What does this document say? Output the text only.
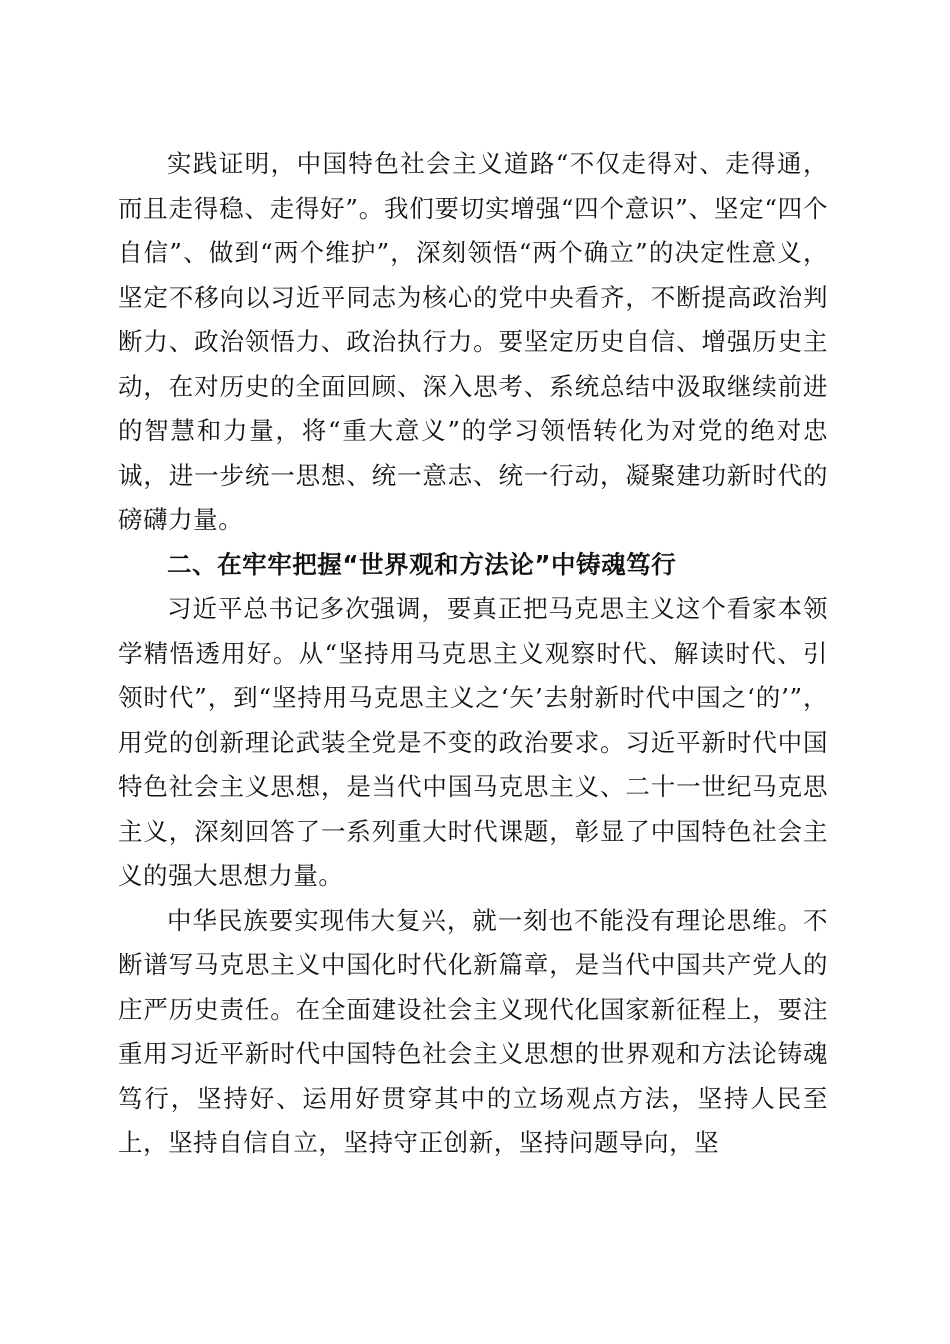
实践证明，中国特色社会主义道路“不仅走得对、走得通，而且走得稳、走得好”。我们要切实增强“四个意识”、坚定“四个自信”、做到“两个维护”，深刻领悟“两个确立”的决定性意义，坚定不移向以习近平同志为核心的党中央看齐，不断提高政治判断力、政治领悟力、政治执行力。要坚定历史自信、增强历史主动，在对历史的全面回顾、深入思考、系统总结中汲取继续前进的智慧和力量，将“重大意义”的学习领悟转化为对党的绝对忠诚，进一步统一思想、统一意志、统一行动，凝聚建功新时代的磅礴力量。

二、在牢牢把握“世界观和方法论”中铸魂笃行

习近平总书记多次强调，要真正把马克思主义这个看家本领学精悟透用好。从“坚持用马克思主义观察时代、解读时代、引领时代”，到“坚持用马克思主义之‘矢’去射新时代中国之‘的’”，用党的创新理论武装全党是不变的政治要求。习近平新时代中国特色社会主义思想，是当代中国马克思主义、二十一世纪马克思主义，深刻回答了一系列重大时代课题，彰显了中国特色社会主义的强大思想力量。

中华民族要实现伟大复兴，就一刻也不能没有理论思维。不断谱写马克思主义中国化时代化新篇章，是当代中国共产党人的庄严历史责任。在全面建设社会主义现代化国家新征程上，要注重用习近平新时代中国特色社会主义思想的世界观和方法论铸魂笃行，坚持好、运用好贯穿其中的立场观点方法，坚持人民至上，坚持自信自立，坚持守正创新，坚持问题导向，坚
